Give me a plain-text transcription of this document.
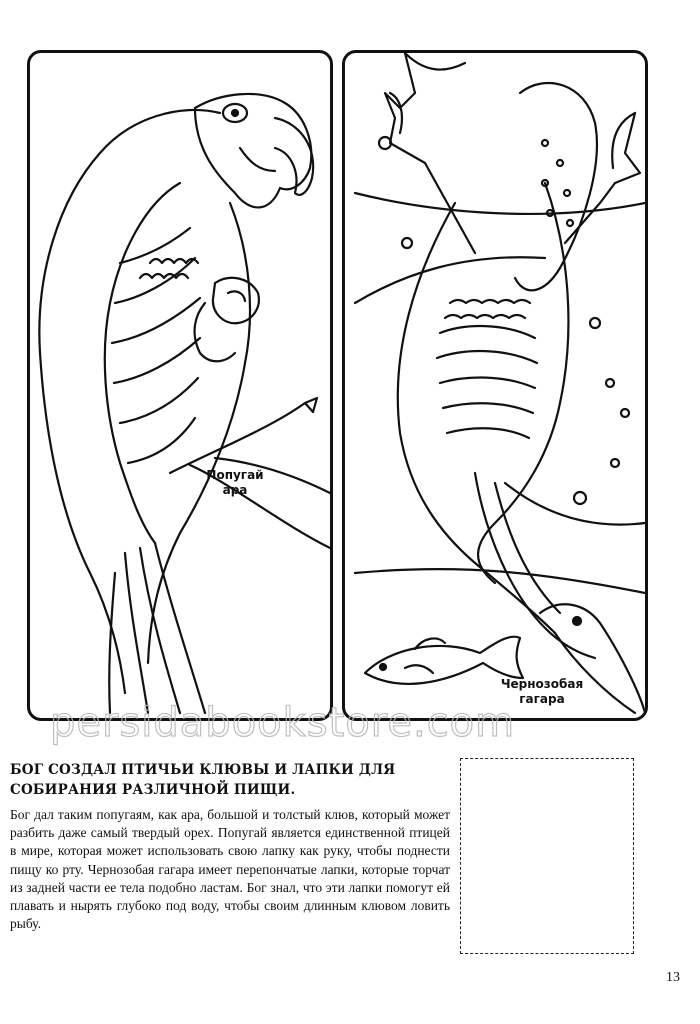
Попугай
ара
Чернозобая
гагара
persidabookstore.com
БОГ СОЗДАЛ ПТИЧЬИ КЛЮВЫ И ЛАПКИ ДЛЯ СОБИРАНИЯ РАЗЛИЧНОЙ ПИЩИ.

Бог дал таким попугаям, как ара, большой и толстый клюв, который может разбить даже самый твердый орех. Попугай является единственной птицей в мире, которая может использовать свою лапку как руку, чтобы поднести пищу ко рту. Чернозобая гагара имеет перепончатые лапки, которые торчат из задней части ее тела подобно ластам. Бог знал, что эти лапки помогут ей плавать и нырять глубоко под воду, чтобы своим длинным клювом ловить рыбу.

13
